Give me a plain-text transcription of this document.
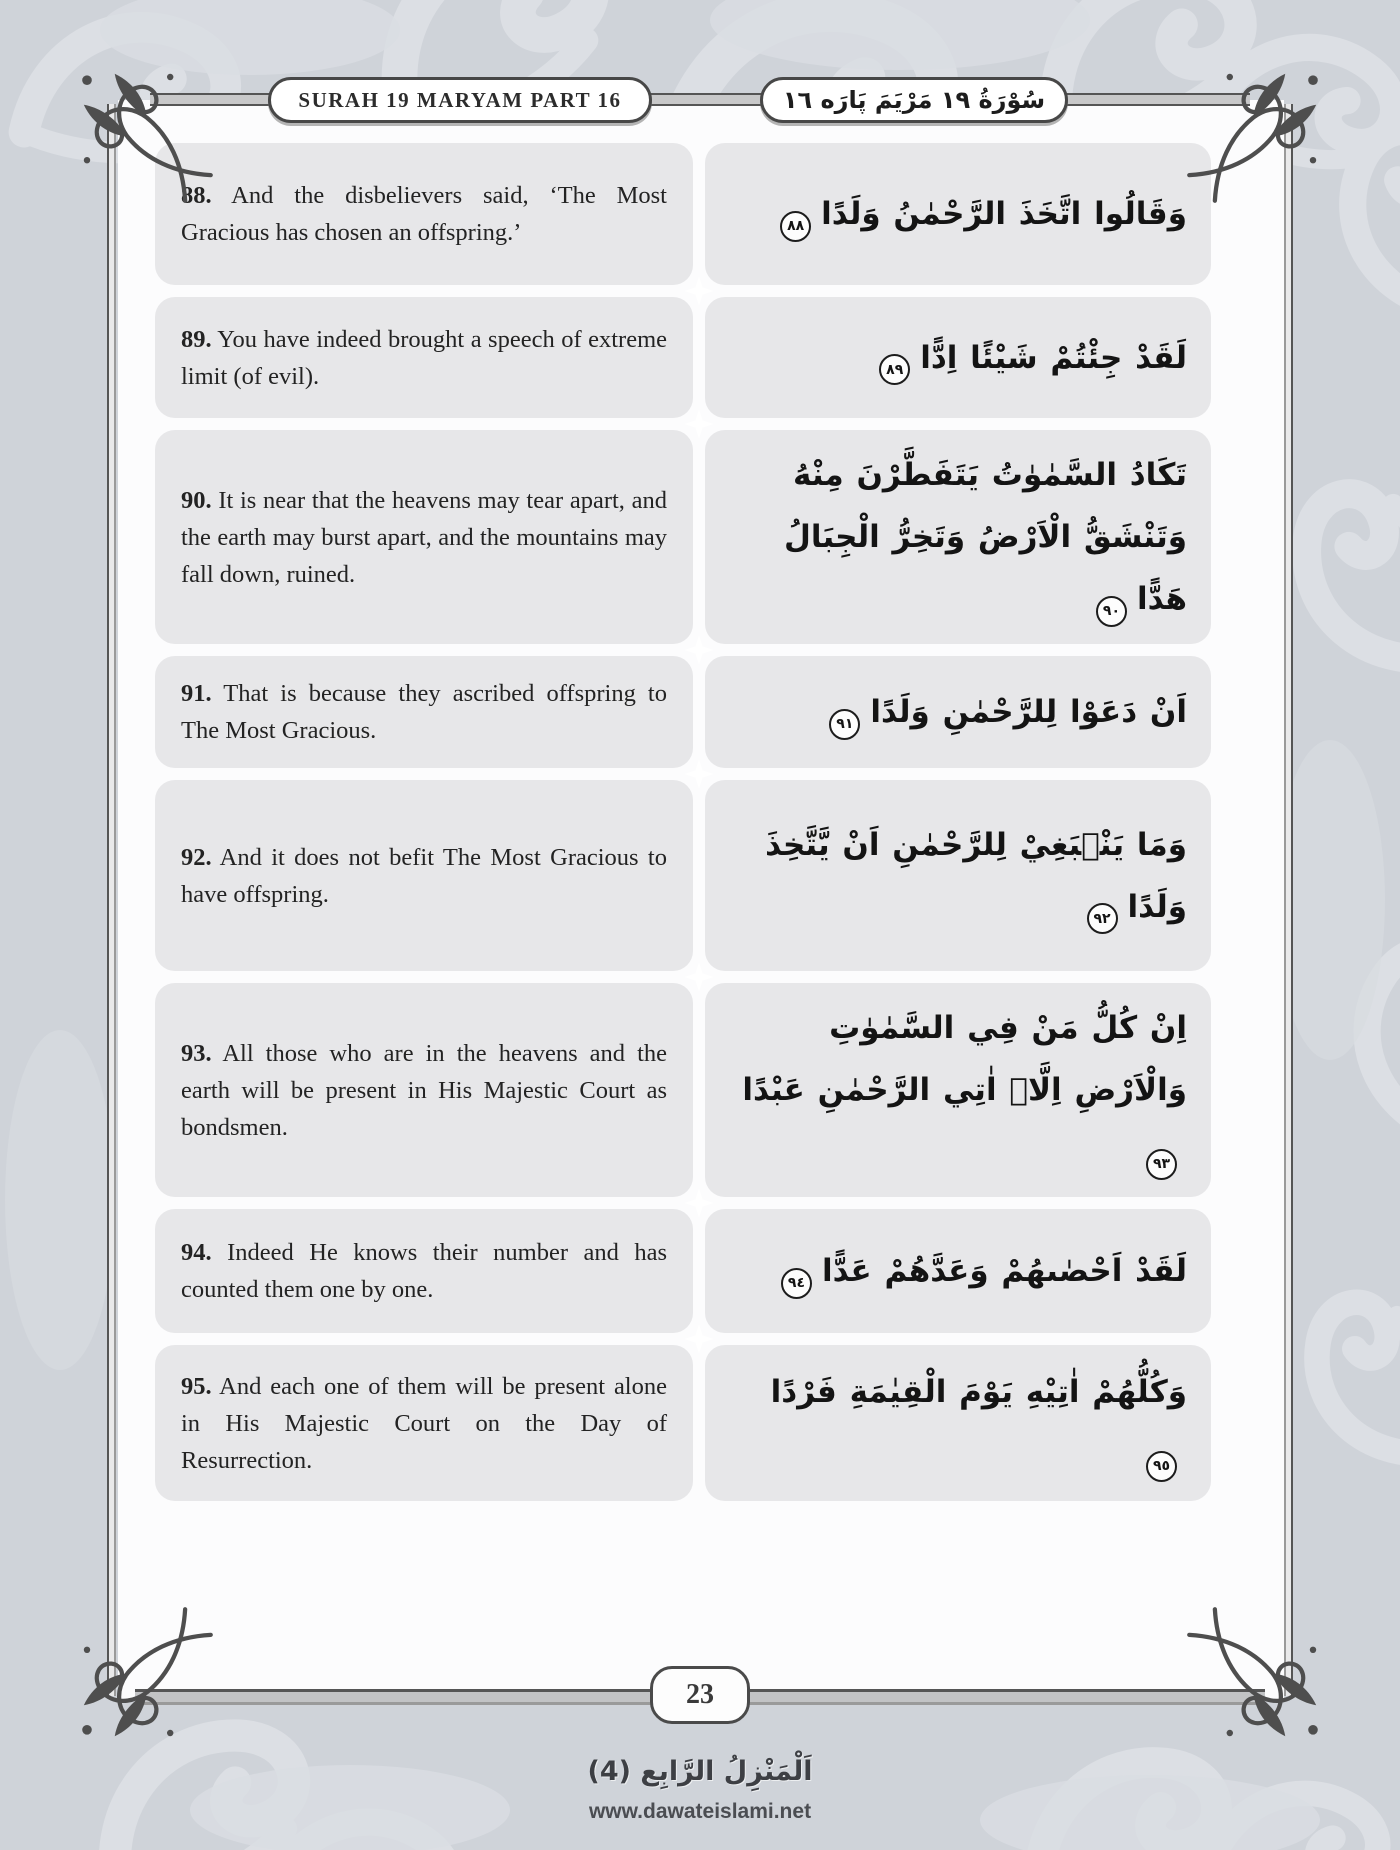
SURAH 19 MARYAM PART 16	سُوْرَةُ ١٩ مَرْيَمَ پَارَه ١٦

88. And the disbelievers said, ‘The Most Gracious has chosen an offspring.’

وَقَالُوا اتَّخَذَ الرَّحْمٰنُ وَلَدًا
٨٨

89. You have indeed brought a speech of extreme limit (of evil).

لَقَدْ جِئْتُمْ شَيْئًا اِدًّا
٨٩

90. It is near that the heavens may tear apart, and the earth may burst apart, and the mountains may fall down, ruined.

تَكَادُ السَّمٰوٰتُ يَتَفَطَّرْنَ مِنْهُ وَتَنْشَقُّ الْاَرْضُ وَتَخِرُّ الْجِبَالُ هَدًّا
٩٠

91. That is because they ascribed offspring to The Most Gracious.

اَنْ دَعَوْا لِلرَّحْمٰنِ وَلَدًا
٩١

92. And it does not befit The Most Gracious to have offspring.

وَمَا يَنْۢبَغِيْ لِلرَّحْمٰنِ اَنْ يَّتَّخِذَ وَلَدًا
٩٢

93. All those who are in the heavens and the earth will be present in His Majestic Court as bondsmen.

اِنْ كُلُّ مَنْ فِي السَّمٰوٰتِ وَالْاَرْضِ اِلَّاۤ اٰتِي الرَّحْمٰنِ عَبْدًا
٩٣

94. Indeed He knows their number and has counted them one by one.

لَقَدْ اَحْصٰىهُمْ وَعَدَّهُمْ عَدًّا
٩٤

95. And each one of them will be present alone in His Majestic Court on the Day of Resurrection.

وَكُلُّهُمْ اٰتِيْهِ يَوْمَ الْقِيٰمَةِ فَرْدًا
٩٥

23
اَلْمَنْزِلُ الرَّابِع (4)
www.dawateislami.net
